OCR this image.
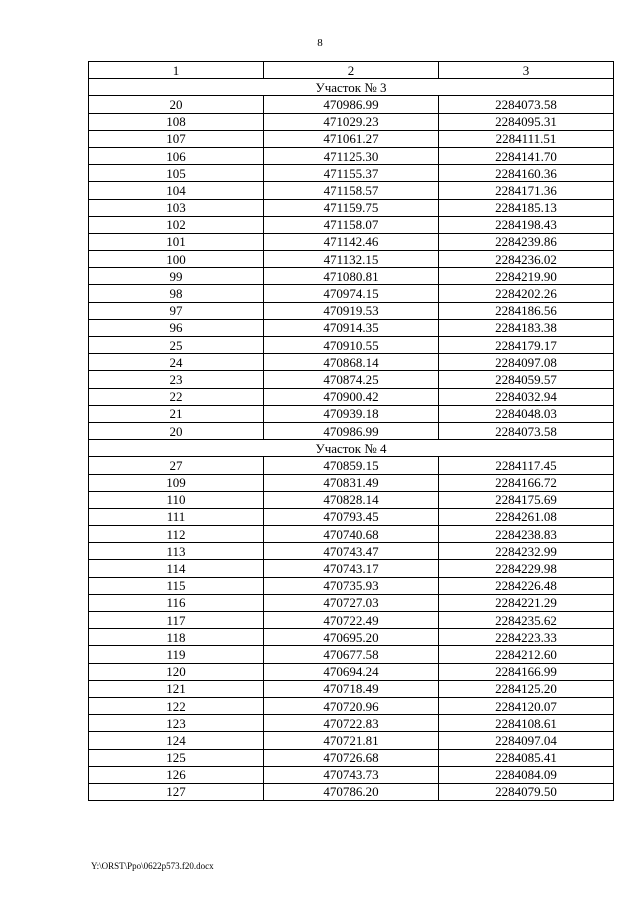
8
1	2	3
Участок № 3		
20	470986.99	2284073.58
108	471029.23	2284095.31
107	471061.27	2284111.51
106	471125.30	2284141.70
105	471155.37	2284160.36
104	471158.57	2284171.36
103	471159.75	2284185.13
102	471158.07	2284198.43
101	471142.46	2284239.86
100	471132.15	2284236.02
99	471080.81	2284219.90
98	470974.15	2284202.26
97	470919.53	2284186.56
96	470914.35	2284183.38
25	470910.55	2284179.17
24	470868.14	2284097.08
23	470874.25	2284059.57
22	470900.42	2284032.94
21	470939.18	2284048.03
20	470986.99	2284073.58
Участок № 4		
27	470859.15	2284117.45
109	470831.49	2284166.72
110	470828.14	2284175.69
111	470793.45	2284261.08
112	470740.68	2284238.83
113	470743.47	2284232.99
114	470743.17	2284229.98
115	470735.93	2284226.48
116	470727.03	2284221.29
117	470722.49	2284235.62
118	470695.20	2284223.33
119	470677.58	2284212.60
120	470694.24	2284166.99
121	470718.49	2284125.20
122	470720.96	2284120.07
123	470722.83	2284108.61
124	470721.81	2284097.04
125	470726.68	2284085.41
126	470743.73	2284084.09
127	470786.20	2284079.50
Y:\ORST\Ppo\0622p573.f20.docx
